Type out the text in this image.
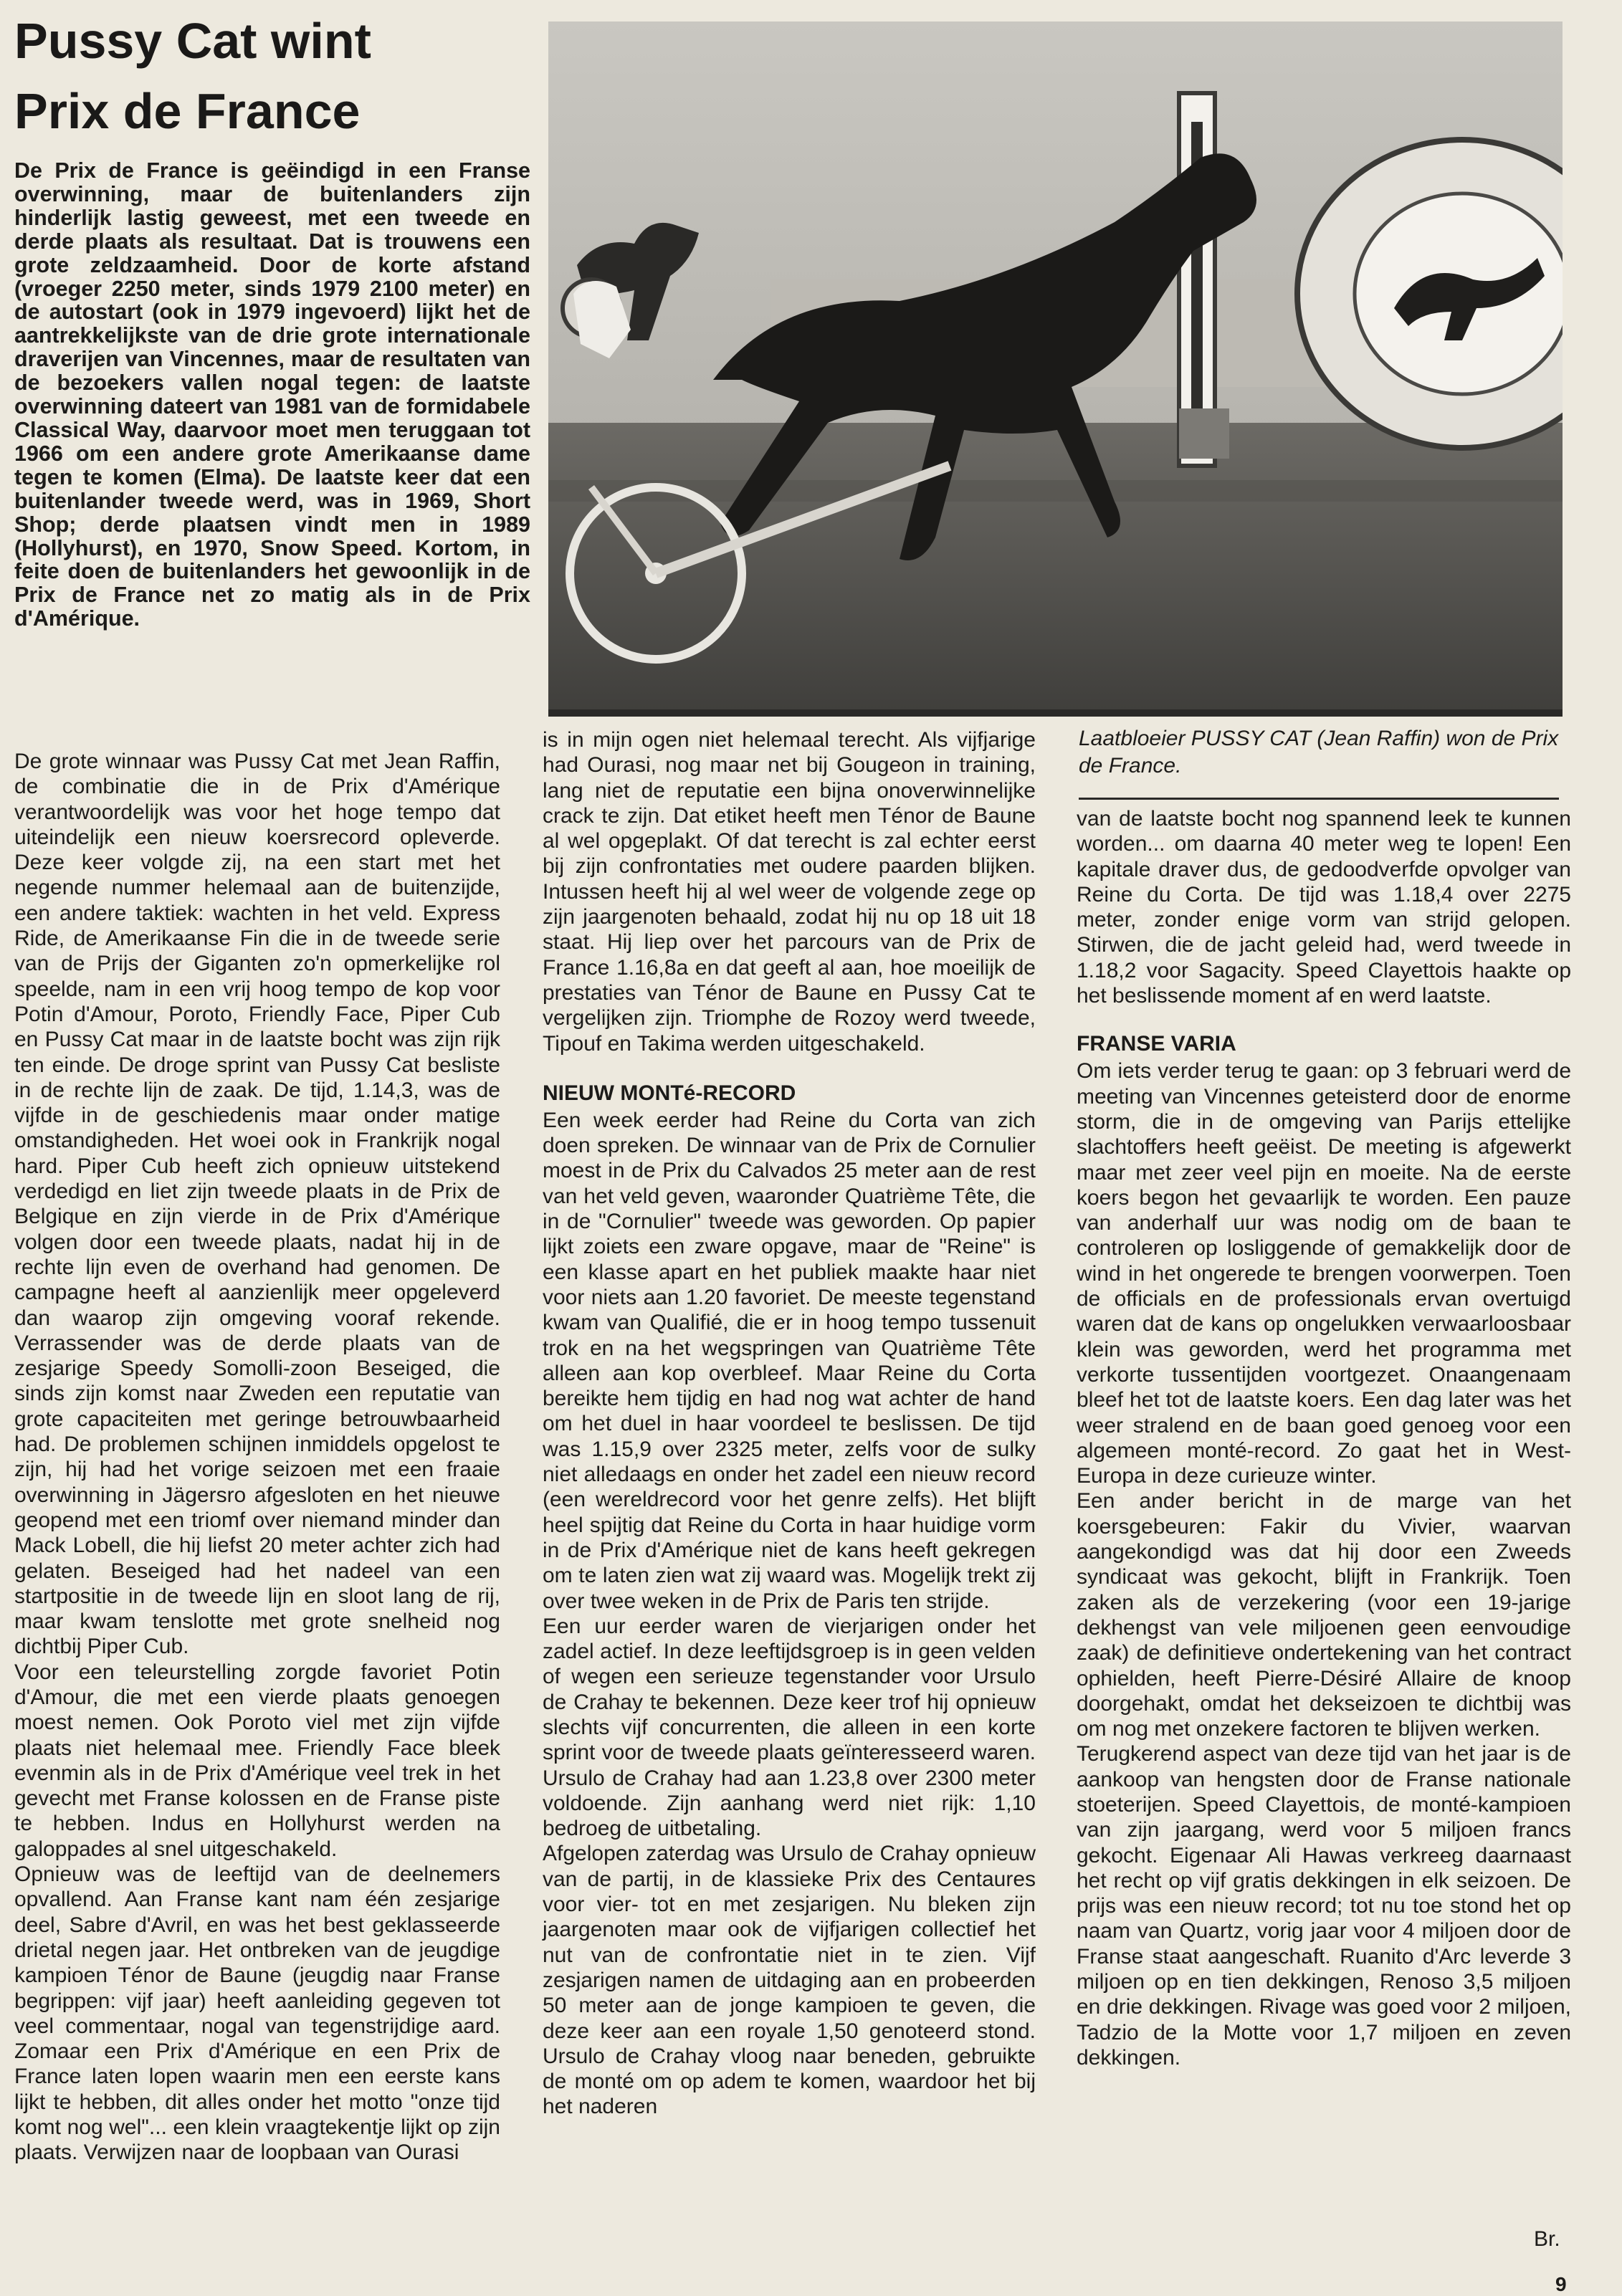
Pussy Cat wint
Prix de France

De Prix de France is geëindigd in een Franse overwinning, maar de buitenlanders zijn hinderlijk lastig geweest, met een tweede en derde plaats als resultaat. Dat is trouwens een grote zeldzaamheid. Door de korte afstand (vroeger 2250 meter, sinds 1979 2100 meter) en de autostart (ook in 1979 ingevoerd) lijkt het de aantrekkelijkste van de drie grote internationale draverijen van Vincennes, maar de resultaten van de bezoekers vallen nogal tegen: de laatste overwinning dateert van 1981 van de formidabele Classical Way, daarvoor moet men teruggaan tot 1966 om een andere grote Amerikaanse dame tegen te komen (Elma). De laatste keer dat een buitenlander tweede werd, was in 1969, Short Shop; derde plaatsen vindt men in 1989 (Hollyhurst), en 1970, Snow Speed. Kortom, in feite doen de buitenlanders het gewoonlijk in de Prix de France net zo matig als in de Prix d'Amérique.

Laatbloeier PUSSY CAT (Jean Raffin) won de Prix de France.

De grote winnaar was Pussy Cat met Jean Raffin, de combinatie die in de Prix d'Amérique verantwoordelijk was voor het hoge tempo dat uiteindelijk een nieuw koersrecord opleverde. Deze keer volgde zij, na een start met het negende nummer helemaal aan de buitenzijde, een andere taktiek: wachten in het veld. Express Ride, de Amerikaanse Fin die in de tweede serie van de Prijs der Giganten zo'n opmerkelijke rol speelde, nam in een vrij hoog tempo de kop voor Potin d'Amour, Poroto, Friendly Face, Piper Cub en Pussy Cat maar in de laatste bocht was zijn rijk ten einde. De droge sprint van Pussy Cat besliste in de rechte lijn de zaak. De tijd, 1.14,3, was de vijfde in de geschiedenis maar onder matige omstandigheden. Het woei ook in Frankrijk nogal hard. Piper Cub heeft zich opnieuw uitstekend verdedigd en liet zijn tweede plaats in de Prix de Belgique en zijn vierde in de Prix d'Amérique volgen door een tweede plaats, nadat hij in de rechte lijn even de overhand had genomen. De campagne heeft al aanzienlijk meer opgeleverd dan waarop zijn omgeving vooraf rekende. Verrassender was de derde plaats van de zesjarige Speedy Somolli-zoon Beseiged, die sinds zijn komst naar Zweden een reputatie van grote capaciteiten met geringe betrouwbaarheid had. De problemen schijnen inmiddels opgelost te zijn, hij had het vorige seizoen met een fraaie overwinning in Jägersro afgesloten en het nieuwe geopend met een triomf over niemand minder dan Mack Lobell, die hij liefst 20 meter achter zich had gelaten. Beseiged had het nadeel van een startpositie in de tweede lijn en sloot lang de rij, maar kwam tenslotte met grote snelheid nog dichtbij Piper Cub.

Voor een teleurstelling zorgde favoriet Potin d'Amour, die met een vierde plaats genoegen moest nemen. Ook Poroto viel met zijn vijfde plaats niet helemaal mee. Friendly Face bleek evenmin als in de Prix d'Amérique veel trek in het gevecht met Franse kolossen en de Franse piste te hebben. Indus en Hollyhurst werden na galoppades al snel uitgeschakeld.

Opnieuw was de leeftijd van de deelnemers opvallend. Aan Franse kant nam één zesjarige deel, Sabre d'Avril, en was het best geklasseerde drietal negen jaar. Het ontbreken van de jeugdige kampioen Ténor de Baune (jeugdig naar Franse begrippen: vijf jaar) heeft aanleiding gegeven tot veel commentaar, nogal van tegenstrijdige aard. Zomaar een Prix d'Amérique en een Prix de France laten lopen waarin men een eerste kans lijkt te hebben, dit alles onder het motto "onze tijd komt nog wel"... een klein vraagtekentje lijkt op zijn plaats. Verwijzen naar de loopbaan van Ourasi

is in mijn ogen niet helemaal terecht. Als vijfjarige had Ourasi, nog maar net bij Gougeon in training, lang niet de reputatie een bijna onoverwinnelijke crack te zijn. Dat etiket heeft men Ténor de Baune al wel opgeplakt. Of dat terecht is zal echter eerst bij zijn confrontaties met oudere paarden blijken. Intussen heeft hij al wel weer de volgende zege op zijn jaargenoten behaald, zodat hij nu op 18 uit 18 staat. Hij liep over het parcours van de Prix de France 1.16,8a en dat geeft al aan, hoe moeilijk de prestaties van Ténor de Baune en Pussy Cat te vergelijken zijn. Triomphe de Rozoy werd tweede, Tipouf en Takima werden uitgeschakeld.

NIEUW MONTé-RECORD

Een week eerder had Reine du Corta van zich doen spreken. De winnaar van de Prix de Cornulier moest in de Prix du Calvados 25 meter aan de rest van het veld geven, waaronder Quatrième Tête, die in de "Cornulier" tweede was geworden. Op papier lijkt zoiets een zware opgave, maar de "Reine" is een klasse apart en het publiek maakte haar niet voor niets aan 1.20 favoriet. De meeste tegenstand kwam van Qualifié, die er in hoog tempo tussenuit trok en na het wegspringen van Quatrième Tête alleen aan kop overbleef. Maar Reine du Corta bereikte hem tijdig en had nog wat achter de hand om het duel in haar voordeel te beslissen. De tijd was 1.15,9 over 2325 meter, zelfs voor de sulky niet alledaags en onder het zadel een nieuw record (een wereldrecord voor het genre zelfs). Het blijft heel spijtig dat Reine du Corta in haar huidige vorm in de Prix d'Amérique niet de kans heeft gekregen om te laten zien wat zij waard was. Mogelijk trekt zij over twee weken in de Prix de Paris ten strijde.

Een uur eerder waren de vierjarigen onder het zadel actief. In deze leeftijdsgroep is in geen velden of wegen een serieuze tegenstander voor Ursulo de Crahay te bekennen. Deze keer trof hij opnieuw slechts vijf concurrenten, die alleen in een korte sprint voor de tweede plaats geïnteresseerd waren. Ursulo de Crahay had aan 1.23,8 over 2300 meter voldoende. Zijn aanhang werd niet rijk: 1,10 bedroeg de uitbetaling.

Afgelopen zaterdag was Ursulo de Crahay opnieuw van de partij, in de klassieke Prix des Centaures voor vier- tot en met zesjarigen. Nu bleken zijn jaargenoten maar ook de vijfjarigen collectief het nut van de confrontatie niet in te zien. Vijf zesjarigen namen de uitdaging aan en probeerden 50 meter aan de jonge kampioen te geven, die deze keer aan een royale 1,50 genoteerd stond. Ursulo de Crahay vloog naar beneden, gebruikte de monté om op adem te komen, waardoor het bij het naderen

van de laatste bocht nog spannend leek te kunnen worden... om daarna 40 meter weg te lopen! Een kapitale draver dus, de gedoodverfde opvolger van Reine du Corta. De tijd was 1.18,4 over 2275 meter, zonder enige vorm van strijd gelopen. Stirwen, die de jacht geleid had, werd tweede in 1.18,2 voor Sagacity. Speed Clayettois haakte op het beslissende moment af en werd laatste.

FRANSE VARIA

Om iets verder terug te gaan: op 3 februari werd de meeting van Vincennes geteisterd door de enorme storm, die in de omgeving van Parijs ettelijke slachtoffers heeft geëist. De meeting is afgewerkt maar met zeer veel pijn en moeite. Na de eerste koers begon het gevaarlijk te worden. Een pauze van anderhalf uur was nodig om de baan te controleren op losliggende of gemakkelijk door de wind in het ongerede te brengen voorwerpen. Toen de officials en de professionals ervan overtuigd waren dat de kans op ongelukken verwaarloosbaar klein was geworden, werd het programma met verkorte tussentijden voortgezet. Onaangenaam bleef het tot de laatste koers. Een dag later was het weer stralend en de baan goed genoeg voor een algemeen monté-record. Zo gaat het in West-Europa in deze curieuze winter.

Een ander bericht in de marge van het koersgebeuren: Fakir du Vivier, waarvan aangekondigd was dat hij door een Zweeds syndicaat was gekocht, blijft in Frankrijk. Toen zaken als de verzekering (voor een 19-jarige dekhengst van vele miljoenen geen eenvoudige zaak) de definitieve ondertekening van het contract ophielden, heeft Pierre-Désiré Allaire de knoop doorgehakt, omdat het dekseizoen te dichtbij was om nog met onzekere factoren te blijven werken.

Terugkerend aspect van deze tijd van het jaar is de aankoop van hengsten door de Franse nationale stoeterijen. Speed Clayettois, de monté-kampioen van zijn jaargang, werd voor 5 miljoen francs gekocht. Eigenaar Ali Hawas verkreeg daarnaast het recht op vijf gratis dekkingen in elk seizoen. De prijs was een nieuw record; tot nu toe stond het op naam van Quartz, vorig jaar voor 4 miljoen door de Franse staat aangeschaft. Ruanito d'Arc leverde 3 miljoen op en tien dekkingen, Renoso 3,5 miljoen en drie dekkingen. Rivage was goed voor 2 miljoen, Tadzio de la Motte voor 1,7 miljoen en zeven dekkingen.

Br.

9
